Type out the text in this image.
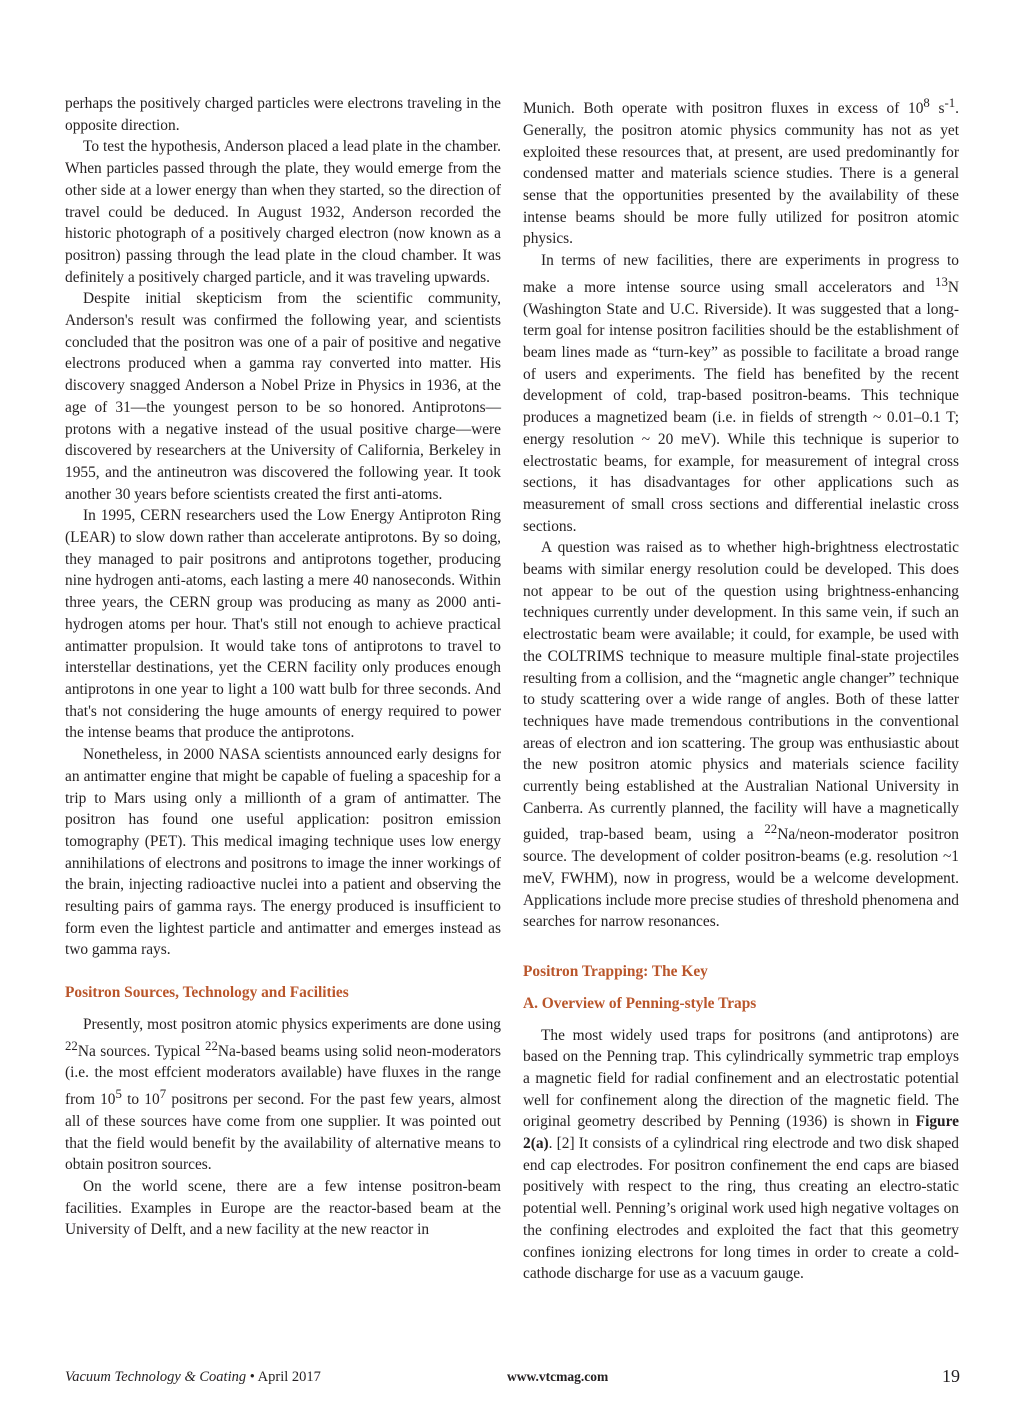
perhaps the positively charged particles were electrons traveling in the opposite direction.

To test the hypothesis, Anderson placed a lead plate in the chamber. When particles passed through the plate, they would emerge from the other side at a lower energy than when they started, so the direction of travel could be deduced. In August 1932, Anderson recorded the historic photograph of a positively charged electron (now known as a positron) passing through the lead plate in the cloud chamber. It was definitely a positively charged particle, and it was traveling upwards.

Despite initial skepticism from the scientific community, Anderson's result was confirmed the following year, and scientists concluded that the positron was one of a pair of positive and negative electrons produced when a gamma ray converted into matter. His discovery snagged Anderson a Nobel Prize in Physics in 1936, at the age of 31—the youngest person to be so honored. Antiprotons—protons with a negative instead of the usual positive charge—were discovered by researchers at the University of California, Berkeley in 1955, and the antineutron was discovered the following year. It took another 30 years before scientists created the first anti-atoms.

In 1995, CERN researchers used the Low Energy Antiproton Ring (LEAR) to slow down rather than accelerate antiprotons. By so doing, they managed to pair positrons and antiprotons together, producing nine hydrogen anti-atoms, each lasting a mere 40 nanoseconds. Within three years, the CERN group was producing as many as 2000 anti-hydrogen atoms per hour. That's still not enough to achieve practical antimatter propulsion. It would take tons of antiprotons to travel to interstellar destinations, yet the CERN facility only produces enough antiprotons in one year to light a 100 watt bulb for three seconds. And that's not considering the huge amounts of energy required to power the intense beams that produce the antiprotons.

Nonetheless, in 2000 NASA scientists announced early designs for an antimatter engine that might be capable of fueling a spaceship for a trip to Mars using only a millionth of a gram of antimatter. The positron has found one useful application: positron emission tomography (PET). This medical imaging technique uses low energy annihilations of electrons and positrons to image the inner workings of the brain, injecting radioactive nuclei into a patient and observing the resulting pairs of gamma rays. The energy produced is insufficient to form even the lightest particle and antimatter and emerges instead as two gamma rays.

Positron Sources, Technology and Facilities

Presently, most positron atomic physics experiments are done using $^{22}$Na sources. Typical $^{22}$Na-based beams using solid neon-moderators (i.e. the most effcient moderators available) have fluxes in the range from $10^5$ to $10^7$ positrons per second. For the past few years, almost all of these sources have come from one supplier. It was pointed out that the field would benefit by the availability of alternative means to obtain positron sources.

On the world scene, there are a few intense positron-beam facilities. Examples in Europe are the reactor-based beam at the University of Delft, and a new facility at the new reactor in

Munich. Both operate with positron fluxes in excess of $10^8$ $s^{-1}$. Generally, the positron atomic physics community has not as yet exploited these resources that, at present, are used predominantly for condensed matter and materials science studies. There is a general sense that the opportunities presented by the availability of these intense beams should be more fully utilized for positron atomic physics.

In terms of new facilities, there are experiments in progress to make a more intense source using small accelerators and $^{13}$N (Washington State and U.C. Riverside). It was suggested that a long-term goal for intense positron facilities should be the establishment of beam lines made as “turn-key” as possible to facilitate a broad range of users and experiments. The field has benefited by the recent development of cold, trap-based positron-beams. This technique produces a magnetized beam (i.e. in fields of strength ~ 0.01–0.1 T; energy resolution ~ 20 meV). While this technique is superior to electrostatic beams, for example, for measurement of integral cross sections, it has disadvantages for other applications such as measurement of small cross sections and differential inelastic cross sections.

A question was raised as to whether high-brightness electrostatic beams with similar energy resolution could be developed. This does not appear to be out of the question using brightness-enhancing techniques currently under development. In this same vein, if such an electrostatic beam were available; it could, for example, be used with the COLTRIMS technique to measure multiple final-state projectiles resulting from a collision, and the “magnetic angle changer” technique to study scattering over a wide range of angles. Both of these latter techniques have made tremendous contributions in the conventional areas of electron and ion scattering. The group was enthusiastic about the new positron atomic physics and materials science facility currently being established at the Australian National University in Canberra. As currently planned, the facility will have a magnetically guided, trap-based beam, using a $^{22}$Na/neon-moderator positron source. The development of colder positron-beams (e.g. resolution ~1 meV, FWHM), now in progress, would be a welcome development. Applications include more precise studies of threshold phenomena and searches for narrow resonances.

Positron Trapping: The Key
A. Overview of Penning-style Traps

The most widely used traps for positrons (and antiprotons) are based on the Penning trap. This cylindrically symmetric trap employs a magnetic field for radial confinement and an electrostatic potential well for confinement along the direction of the magnetic field. The original geometry described by Penning (1936) is shown in Figure 2(a). [2] It consists of a cylindrical ring electrode and two disk shaped end cap electrodes. For positron confinement the end caps are biased positively with respect to the ring, thus creating an electro-static potential well. Penning’s original work used high negative voltages on the confining electrodes and exploited the fact that this geometry confines ionizing electrons for long times in order to create a cold-cathode discharge for use as a vacuum gauge.

Vacuum Technology & Coating • April 2017	www.vtcmag.com	19
